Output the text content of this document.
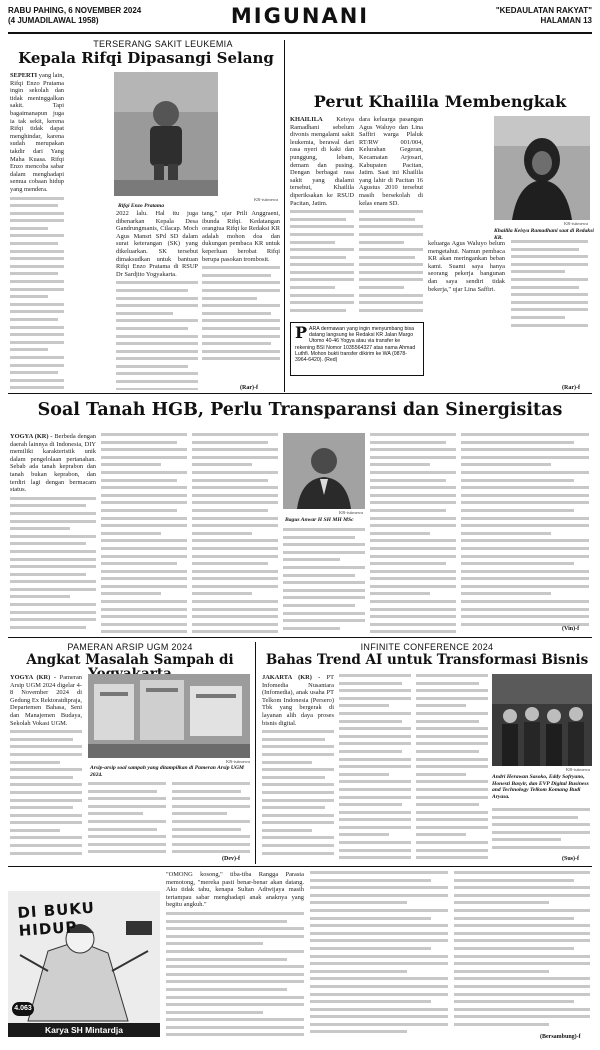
RABU PAHING, 6 NOVEMBER 2024
(4 JUMADILAWAL 1958)	MIGUNANI	"KEDAULATAN RAKYAT"
HALAMAN 13
TERSERANG SAKIT LEUKEMIA
Kepala Rifqi Dipasangi Selang

SEPERTI yang lain, Rifqi Enzo Pratama ingin sekolah dan tidak meninggalkan sakit. Tapi bagaimanapun juga ia tak sekit, kerena Rifqi tidak dapat menghindar, karena sudah merupakan takdir dari Yang Maha Kuasa. Rifqi Enzo mencoba sabar dalam menghadapi semua cobaan hidup yang mendera.

KR-istimewa
Rifqi Enzo Pratama

2022 lalu. Hal itu juga dibenarkan Kepala Desa Gandrungmanis, Cilacap. Moch Agus Mansri SPd SD dalam surat keterangan (SK) yang dikeluarkan. SK tersebut dimaksudkan untuk bantuan Rifqi Enzo Pratama di RSUP Dr Sardjito Yogyakarta.

tang," ujar Prili Anggraeni, ibunda Rifqi. Kedatangan orangtua Rifqi ke Redaksi KR adalah mohon doa dan dukungan pembaca KR untuk keperluan berobat Rifqi berupa pasokan trombosit.

(Rar)-f
Perut Khailila Membengkak

KHAILILA Keisya Ramadhani sebelum divonis mengalami sakit leukemia, berawal dari rasa nyeri di kaki dan punggung, lebam, demam dan pusing. Dengan berbagai rasa sakit yang dialami tersebut, Khailila diperiksakan ke RSUD Pacitan, Jatim.

dara keluarga pasangan Agus Waluyo dan Lina Saffiri warga Plaluk RT/RW 001/004, Kelurahan Gegeran, Kecamatan Arjosari, Kabupaten Pacitan, Jatim. Saat ini Khailila yang lahir di Pacitan 16 Agustus 2010 tersebut masih bersekolah di kelas enam SD.

KR-istimewa
Khailila Keisya Ramadhani saat di Redaksi KR.

keluarga Agus Waluyo belum mengetahui. Namun pembaca KR akan meringankan beban kami. Suami saya hanya seorang pekerja bangunan dan saya sendiri tidak bekerja," ujar Lina Saffiri.

(Rar)-f
P ARA dermawan yang ingin menyumbang bisa datang langsung ke Redaksi KR Jalan Margo Utomo 40-46 Yogya atau via transfer ke rekening BSI Nomor 1035564327 atas nama Ahmad Luthfi. Mohon bukti transfer dikirim ke WA (0878-3964-6420). (Red)
Soal Tanah HGB, Perlu Transparansi dan Sinergisitas

YOGYA (KR) - Berbeda dengan daerah lainnya di Indonesia, DIY memiliki karakteristik unik dalam pengelolaan pertanahan. Sebab ada tanah keprabon dan tanah bukan keprabon, dan terdiri lagi dengan bermacam status.

KR-istimewa
Bagus Anwar H SH MH MSc
(Vin)-f
PAMERAN ARSIP UGM 2024
Angkat Masalah Sampah di

YOGYA (KR) - Pameran Arsip UGM 2024 digelar 4-8 November 2024 di Gedung Ex Rektoratdipraja, Departemen Bahasa, Seni dan Manajemen Budaya, Sekolah Vokasi UGM.

KR-istimewa
Arsip-arsip soal sampah yang ditampilkan di Pameran Arsip UGM 2024.
(Dev)-f
INFINITE CONFERENCE 2024
Bahas Trend AI untuk Transformasi Bisnis

JAKARTA (KR) - PT Infomedia Nusantara (Infomedia), anak usaha PT Telkom Indonesia (Persero) Tbk yang bergerak di layanan alih daya proses bisnis digital.

KR-istimewa
Andri Herawan Sasoko, Eddy Sofryano, Honesti Basyir, dan EVP Digital Business and Technology Telkom Komang Budi Aryasa.
(Sus)-f
DI BUKU HIDUP
4.063
Karya SH Mintardja

"OMONG kosong," tiba-tiba Rangga Parasta memotong, "mereka pasti benar-benar akan datang. Aku tidak tahu, kenapa Sultan Adiwijaya masih tertampau sabar menghadapi anak anaknya yang begitu angkuh."

(Bersambung)-f
